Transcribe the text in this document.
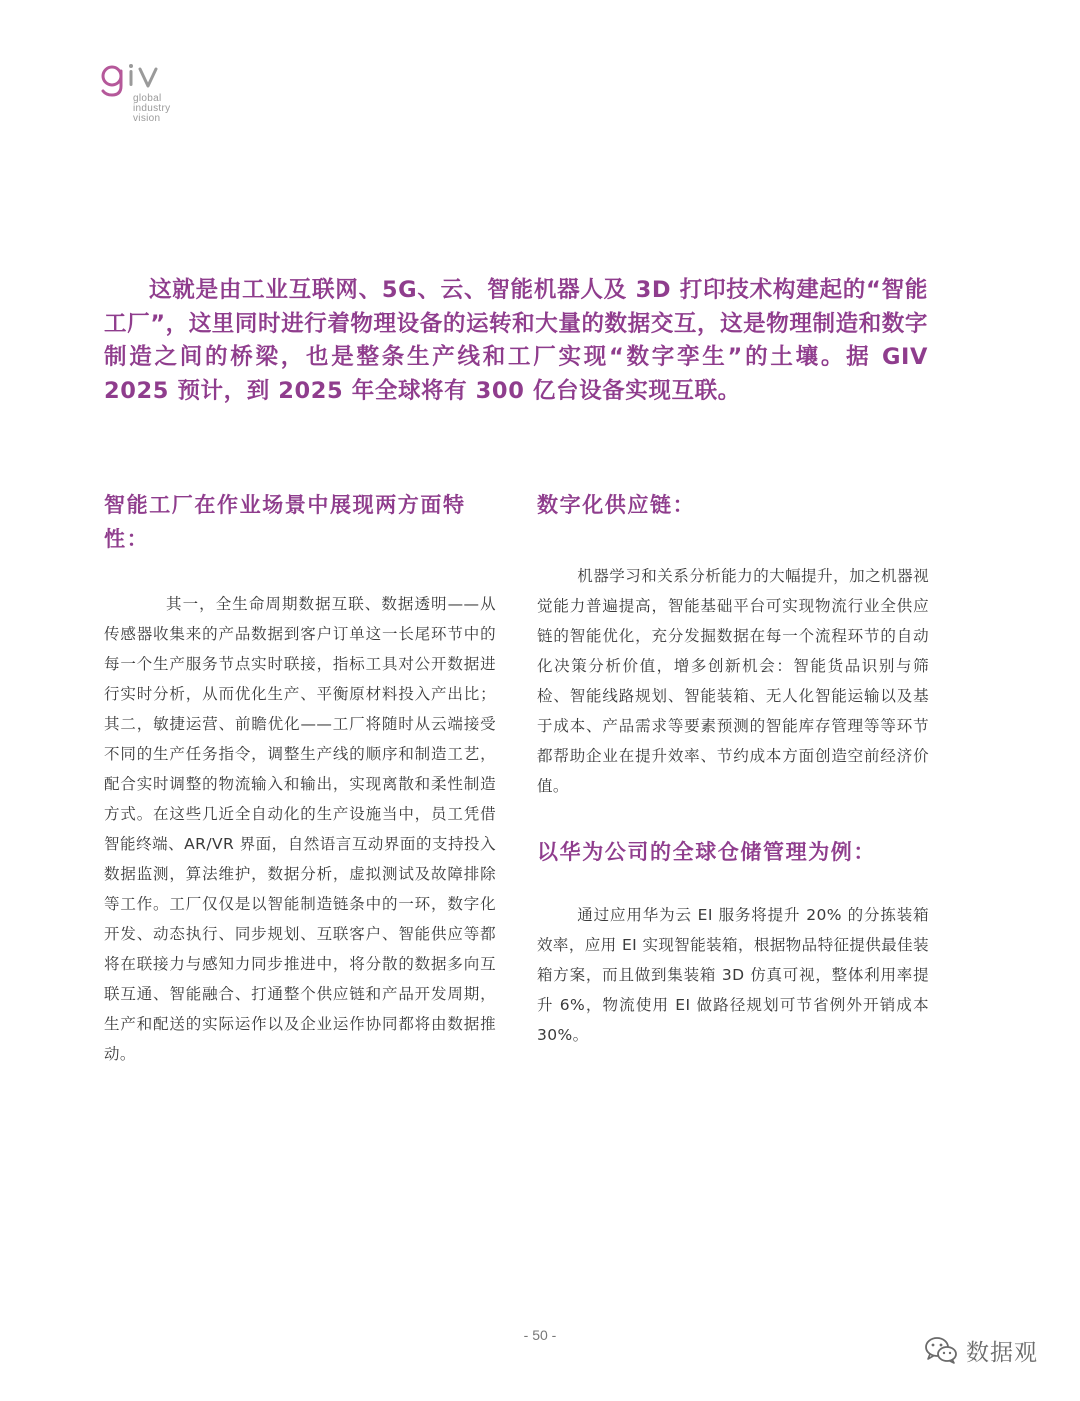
global
industry
vision
这就是由工业互联网、5G、云、智能机器人及 3D 打印技术构建起的“智能工厂”，这里同时进行着物理设备的运转和大量的数据交互，这是物理制造和数字制造之间的桥梁，也是整条生产线和工厂实现“数字孪生”的土壤。据 GIV 2025 预计，到 2025 年全球将有 300 亿台设备实现互联。
智能工厂在作业场景中展现两方面特性：

其一，全生命周期数据互联、数据透明——从传感器收集来的产品数据到客户订单这一长尾环节中的每一个生产服务节点实时联接，指标工具对公开数据进行实时分析，从而优化生产、平衡原材料投入产出比；其二，敏捷运营、前瞻优化——工厂将随时从云端接受不同的生产任务指令，调整生产线的顺序和制造工艺，配合实时调整的物流输入和输出，实现离散和柔性制造方式。在这些几近全自动化的生产设施当中，员工凭借智能终端、AR/VR 界面，自然语言互动界面的支持投入数据监测，算法维护，数据分析，虚拟测试及故障排除等工作。工厂仅仅是以智能制造链条中的一环，数字化开发、动态执行、同步规划、互联客户、智能供应等都将在联接力与感知力同步推进中，将分散的数据多向互联互通、智能融合、打通整个供应链和产品开发周期，生产和配送的实际运作以及企业运作协同都将由数据推动。

数字化供应链：

机器学习和关系分析能力的大幅提升，加之机器视觉能力普遍提高，智能基础平台可实现物流行业全供应链的智能优化，充分发掘数据在每一个流程环节的自动化决策分析价值，增多创新机会：智能货品识别与筛检、智能线路规划、智能装箱、无人化智能运输以及基于成本、产品需求等要素预测的智能库存管理等等环节都帮助企业在提升效率、节约成本方面创造空前经济价值。

以华为公司的全球仓储管理为例：

通过应用华为云 EI 服务将提升 20% 的分拣装箱效率，应用 EI 实现智能装箱，根据物品特征提供最佳装箱方案，而且做到集装箱 3D 仿真可视，整体利用率提升 6%，物流使用 EI 做路径规划可节省例外开销成本 30%。

- 50 -
数据观
